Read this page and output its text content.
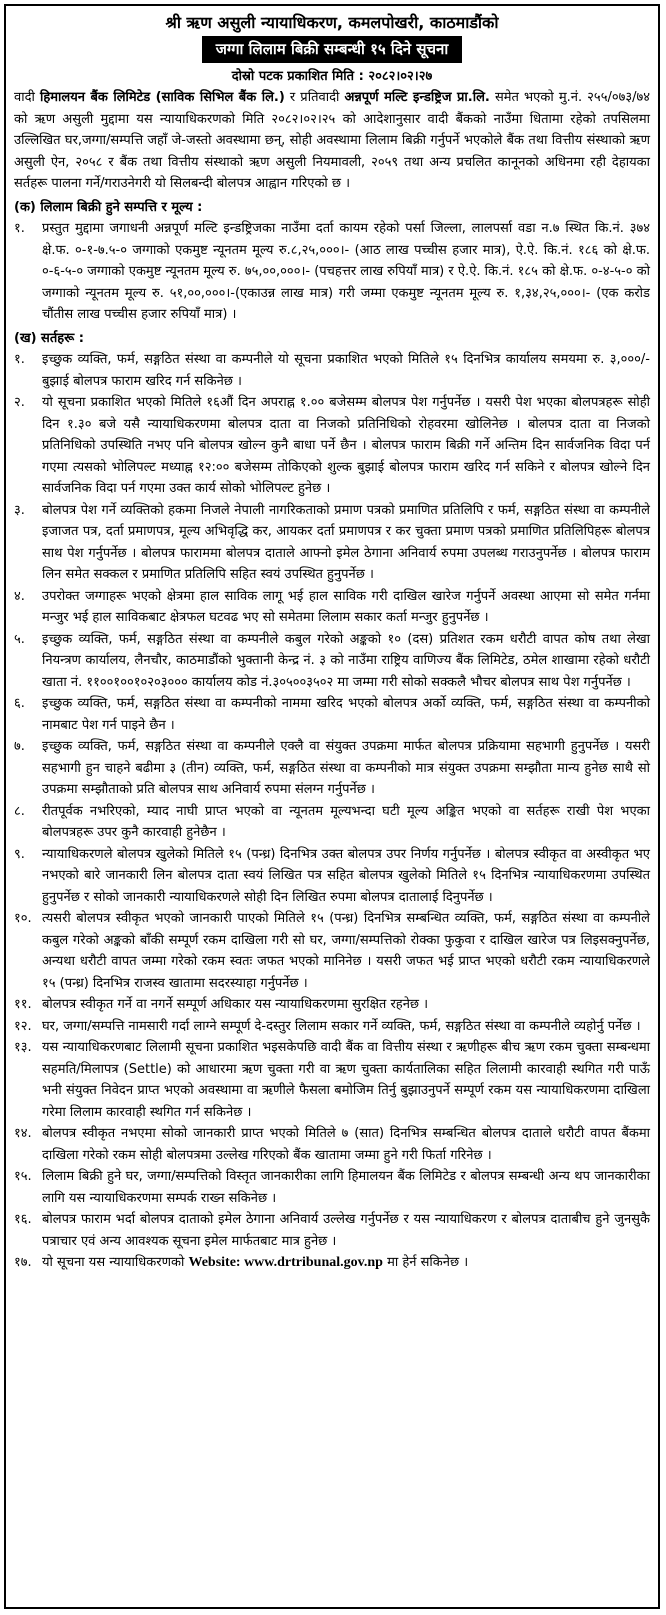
श्री ऋण असुली न्यायाधिकरण, कमलपोखरी, काठमाडौंको
जग्गा लिलाम बिक्री सम्बन्धी १५ दिने सूचना
दोस्रो पटक प्रकाशित मिति : २०८२।०२।२७

वादी हिमालयन बैंक लिमिटेड (साविक सिभिल बैंक लि.) र प्रतिवादी अन्नपूर्ण मल्टि इन्डष्ट्रिज प्रा.लि. समेत भएको मु.नं. २५५/०७३/७४ को ऋण असुली मुद्दामा यस न्यायाधिकरणको मिति २०८२।०२।२५ को आदेशानुसार वादी बैंकको नाउँमा धितामा रहेको तपसिलमा उल्लिखित घर,जग्गा/सम्पत्ति जहाँ जे-जस्तो अवस्थामा छन्, सोही अवस्थामा लिलाम बिक्री गर्नुपर्ने भएकोले बैंक तथा वित्तीय संस्थाको ऋण असुली ऐन, २०५८ र बैंक तथा वित्तीय संस्थाको ऋण असुली नियमावली, २०५९ तथा अन्य प्रचलित कानूनको अधिनमा रही देहायका सर्तहरू पालना गर्ने/गराउनेगरी यो सिलबन्दी बोलपत्र आह्वान गरिएको छ ।

(क) लिलाम बिक्री हुने सम्पत्ति र मूल्य :
१.	प्रस्तुत मुद्दामा जगाधनी अन्नपूर्ण मल्टि इन्डष्ट्रिजका नाउँमा दर्ता कायम रहेको पर्सा जिल्ला, लालपर्सा वडा न.७ स्थित कि.नं. ३७४ क्षे.फ. ०-१-७.५-० जग्गाको एकमुष्ट न्यूनतम मूल्य रु.८,२५,०००।- (आठ लाख पच्चीस हजार मात्र), ऐ.ऐ. कि.नं. १८६ को क्षे.फ. ०-६-५-० जग्गाको एकमुष्ट न्यूनतम मूल्य रु. ७५,००,०००।- (पचहत्तर लाख रुपियाँ मात्र) र ऐ.ऐ. कि.नं. १८५ को क्षे.फ. ०-४-५-० को जग्गाको न्यूनतम मूल्य रु. ५१,००,०००।-(एकाउन्न लाख मात्र) गरी जम्मा एकमुष्ट न्यूनतम मूल्य रु. १,३४,२५,०००।- (एक करोड चौंतीस लाख पच्चीस हजार रुपियाँ मात्र) ।
(ख) सर्तहरू :
१.	इच्छुक व्यक्ति, फर्म, सङ्गठित संस्था वा कम्पनीले यो सूचना प्रकाशित भएको मितिले १५ दिनभित्र कार्यालय समयमा रु. ३,०००/- बुझाई बोलपत्र फाराम खरिद गर्न सकिनेछ ।
२.	यो सूचना प्रकाशित भएको मितिले १६औं दिन अपराह्न १.०० बजेसम्म बोलपत्र पेश गर्नुपर्नेछ । यसरी पेश भएका बोलपत्रहरू सोही दिन १.३० बजे यसै न्यायाधिकरणमा बोलपत्र दाता वा निजको प्रतिनिधिको रोहवरमा खोलिनेछ । बोलपत्र दाता वा निजको प्रतिनिधिको उपस्थिति नभए पनि बोलपत्र खोल्न कुनै बाधा पर्ने छैन । बोलपत्र फाराम बिक्री गर्ने अन्तिम दिन सार्वजनिक विदा पर्न गएमा त्यसको भोलिपल्ट मध्याह्न १२:०० बजेसम्म तोकिएको शुल्क बुझाई बोलपत्र फाराम खरिद गर्न सकिने र बोलपत्र खोल्ने दिन सार्वजनिक विदा पर्न गएमा उक्त कार्य सोको भोलिपल्ट हुनेछ ।
३.	बोलपत्र पेश गर्ने व्यक्तिको हकमा निजले नेपाली नागरिकताको प्रमाण पत्रको प्रमाणित प्रतिलिपि र फर्म, सङ्गठित संस्था वा कम्पनीले इजाजत पत्र, दर्ता प्रमाणपत्र, मूल्य अभिवृद्धि कर, आयकर दर्ता प्रमाणपत्र र कर चुक्ता प्रमाण पत्रको प्रमाणित प्रतिलिपिहरू बोलपत्र साथ पेश गर्नुपर्नेछ । बोलपत्र फाराममा बोलपत्र दाताले आफ्नो इमेल ठेगाना अनिवार्य रुपमा उपलब्ध गराउनुपर्नेछ । बोलपत्र फाराम लिन समेत सक्कल र प्रमाणित प्रतिलिपि सहित स्वयं उपस्थित हुनुपर्नेछ ।
४.	उपरोक्त जग्गाहरू भएको क्षेत्रमा हाल साविक लागू भई हाल साविक गरी दाखिल खारेज गर्नुपर्ने अवस्था आएमा सो समेत गर्नमा मन्जुर भई हाल साविकबाट क्षेत्रफल घटवढ भए सो समेतमा लिलाम सकार कर्ता मन्जुर हुनुपर्नेछ ।
५.	इच्छुक व्यक्ति, फर्म, सङ्गठित संस्था वा कम्पनीले कबुल गरेको अङ्कको १० (दस) प्रतिशत रकम धरौटी वापत कोष तथा लेखा नियन्त्रण कार्यालय, लैनचौर, काठमाडौंको भुक्तानी केन्द्र नं. ३ को नाउँमा राष्ट्रिय वाणिज्य बैंक लिमिटेड, ठमेल शाखामा रहेको धरौटी खाता नं. ११००१००१०२०३००० कार्यालय कोड नं.३०५००३५०२ मा जम्मा गरी सोको सक्कलै भौचर बोलपत्र साथ पेश गर्नुपर्नेछ ।
६.	इच्छुक व्यक्ति, फर्म, सङ्गठित संस्था वा कम्पनीको नाममा खरिद भएको बोलपत्र अर्को व्यक्ति, फर्म, सङ्गठित संस्था वा कम्पनीको नामबाट पेश गर्न पाइने छैन ।
७.	इच्छुक व्यक्ति, फर्म, सङ्गठित संस्था वा कम्पनीले एक्लै वा संयुक्त उपक्रमा मार्फत बोलपत्र प्रक्रियामा सहभागी हुनुपर्नेछ । यसरी सहभागी हुन चाहने बढीमा ३ (तीन) व्यक्ति, फर्म, सङ्गठित संस्था वा कम्पनीको मात्र संयुक्त उपक्रमा सम्झौता मान्य हुनेछ साथै सो उपक्रमा सम्झौताको प्रति बोलपत्र साथ अनिवार्य रुपमा संलग्न गर्नुपर्नेछ ।
८.	रीतपूर्वक नभरिएको, म्याद नाघी प्राप्त भएको वा न्यूनतम मूल्यभन्दा घटी मूल्य अङ्कित भएको वा सर्तहरू राखी पेश भएका बोलपत्रहरू उपर कुनै कारवाही हुनेछैन ।
९.	न्यायाधिकरणले बोलपत्र खुलेको मितिले १५ (पन्ध्र) दिनभित्र उक्त बोलपत्र उपर निर्णय गर्नुपर्नेछ । बोलपत्र स्वीकृत वा अस्वीकृत भए नभएको बारे जानकारी लिन बोलपत्र दाता स्वयं लिखित पत्र सहित बोलपत्र खुलेको मितिले १५ दिनभित्र न्यायाधिकरणमा उपस्थित हुनुपर्नेछ र सोको जानकारी न्यायाधिकरणले सोही दिन लिखित रुपमा बोलपत्र दातालाई दिनुपर्नेछ ।
१०. त्यसरी बोलपत्र स्वीकृत भएको जानकारी पाएको मितिले १५ (पन्ध्र) दिनभित्र सम्बन्धित व्यक्ति, फर्म, सङ्गठित संस्था वा कम्पनीले कबुल गरेको अङ्कको बाँकी सम्पूर्ण रकम दाखिला गरी सो घर, जग्गा/सम्पत्तिको रोक्का फुकुवा र दाखिल खारेज पत्र लिइसक्नुपर्नेछ, अन्यथा धरौटी वापत जम्मा गरेको रकम स्वतः जफत भएको मानिनेछ । यसरी जफत भई प्राप्त भएको धरौटी रकम न्यायाधिकरणले १५ (पन्ध्र) दिनभित्र राजस्व खातामा सदरस्याहा गर्नुपर्नेछ ।
११. बोलपत्र स्वीकृत गर्ने वा नगर्ने सम्पूर्ण अधिकार यस न्यायाधिकरणमा सुरक्षित रहनेछ ।
१२. घर, जग्गा/सम्पत्ति नामसारी गर्दा लाग्ने सम्पूर्ण दे-दस्तुर लिलाम सकार गर्ने व्यक्ति, फर्म, सङ्गठित संस्था वा कम्पनीले व्यहोर्नु पर्नेछ ।
१३. यस न्यायाधिकरणबाट लिलामी सूचना प्रकाशित भइसकेपछि वादी बैंक वा वित्तीय संस्था र ऋणीहरू बीच ऋण रकम चुक्ता सम्बन्धमा सहमति/मिलापत्र (Settle) को आधारमा ऋण चुक्ता गरी वा ऋण चुक्ता कार्यतालिका सहित लिलामी कारवाही स्थगित गरी पाऊँ भनी संयुक्त निवेदन प्राप्त भएको अवस्थामा वा ऋणीले फैसला बमोजिम तिर्नु बुझाउनुपर्ने सम्पूर्ण रकम यस न्यायाधिकरणमा दाखिला गरेमा लिलाम कारवाही स्थगित गर्न सकिनेछ ।
१४. बोलपत्र स्वीकृत नभएमा सोको जानकारी प्राप्त भएको मितिले ७ (सात) दिनभित्र सम्बन्धित बोलपत्र दाताले धरौटी वापत बैंकमा दाखिला गरेको रकम सोही बोलपत्रमा उल्लेख गरिएको बैंक खातामा जम्मा हुने गरी फिर्ता गरिनेछ ।
१५. लिलाम बिक्री हुने घर, जग्गा/सम्पत्तिको विस्तृत जानकारीका लागि हिमालयन बैंक लिमिटेड र बोलपत्र सम्बन्धी अन्य थप जानकारीका लागि यस न्यायाधिकरणमा सम्पर्क राख्न सकिनेछ ।
१६. बोलपत्र फाराम भर्दा बोलपत्र दाताको इमेल ठेगाना अनिवार्य उल्लेख गर्नुपर्नेछ र यस न्यायाधिकरण र बोलपत्र दाताबीच हुने जुनसुकै पत्राचार एवं अन्य आवश्यक सूचना इमेल मार्फतबाट मात्र हुनेछ ।
१७. यो सूचना यस न्यायाधिकरणको Website: www.drtribunal.gov.np मा हेर्न सकिनेछ ।
